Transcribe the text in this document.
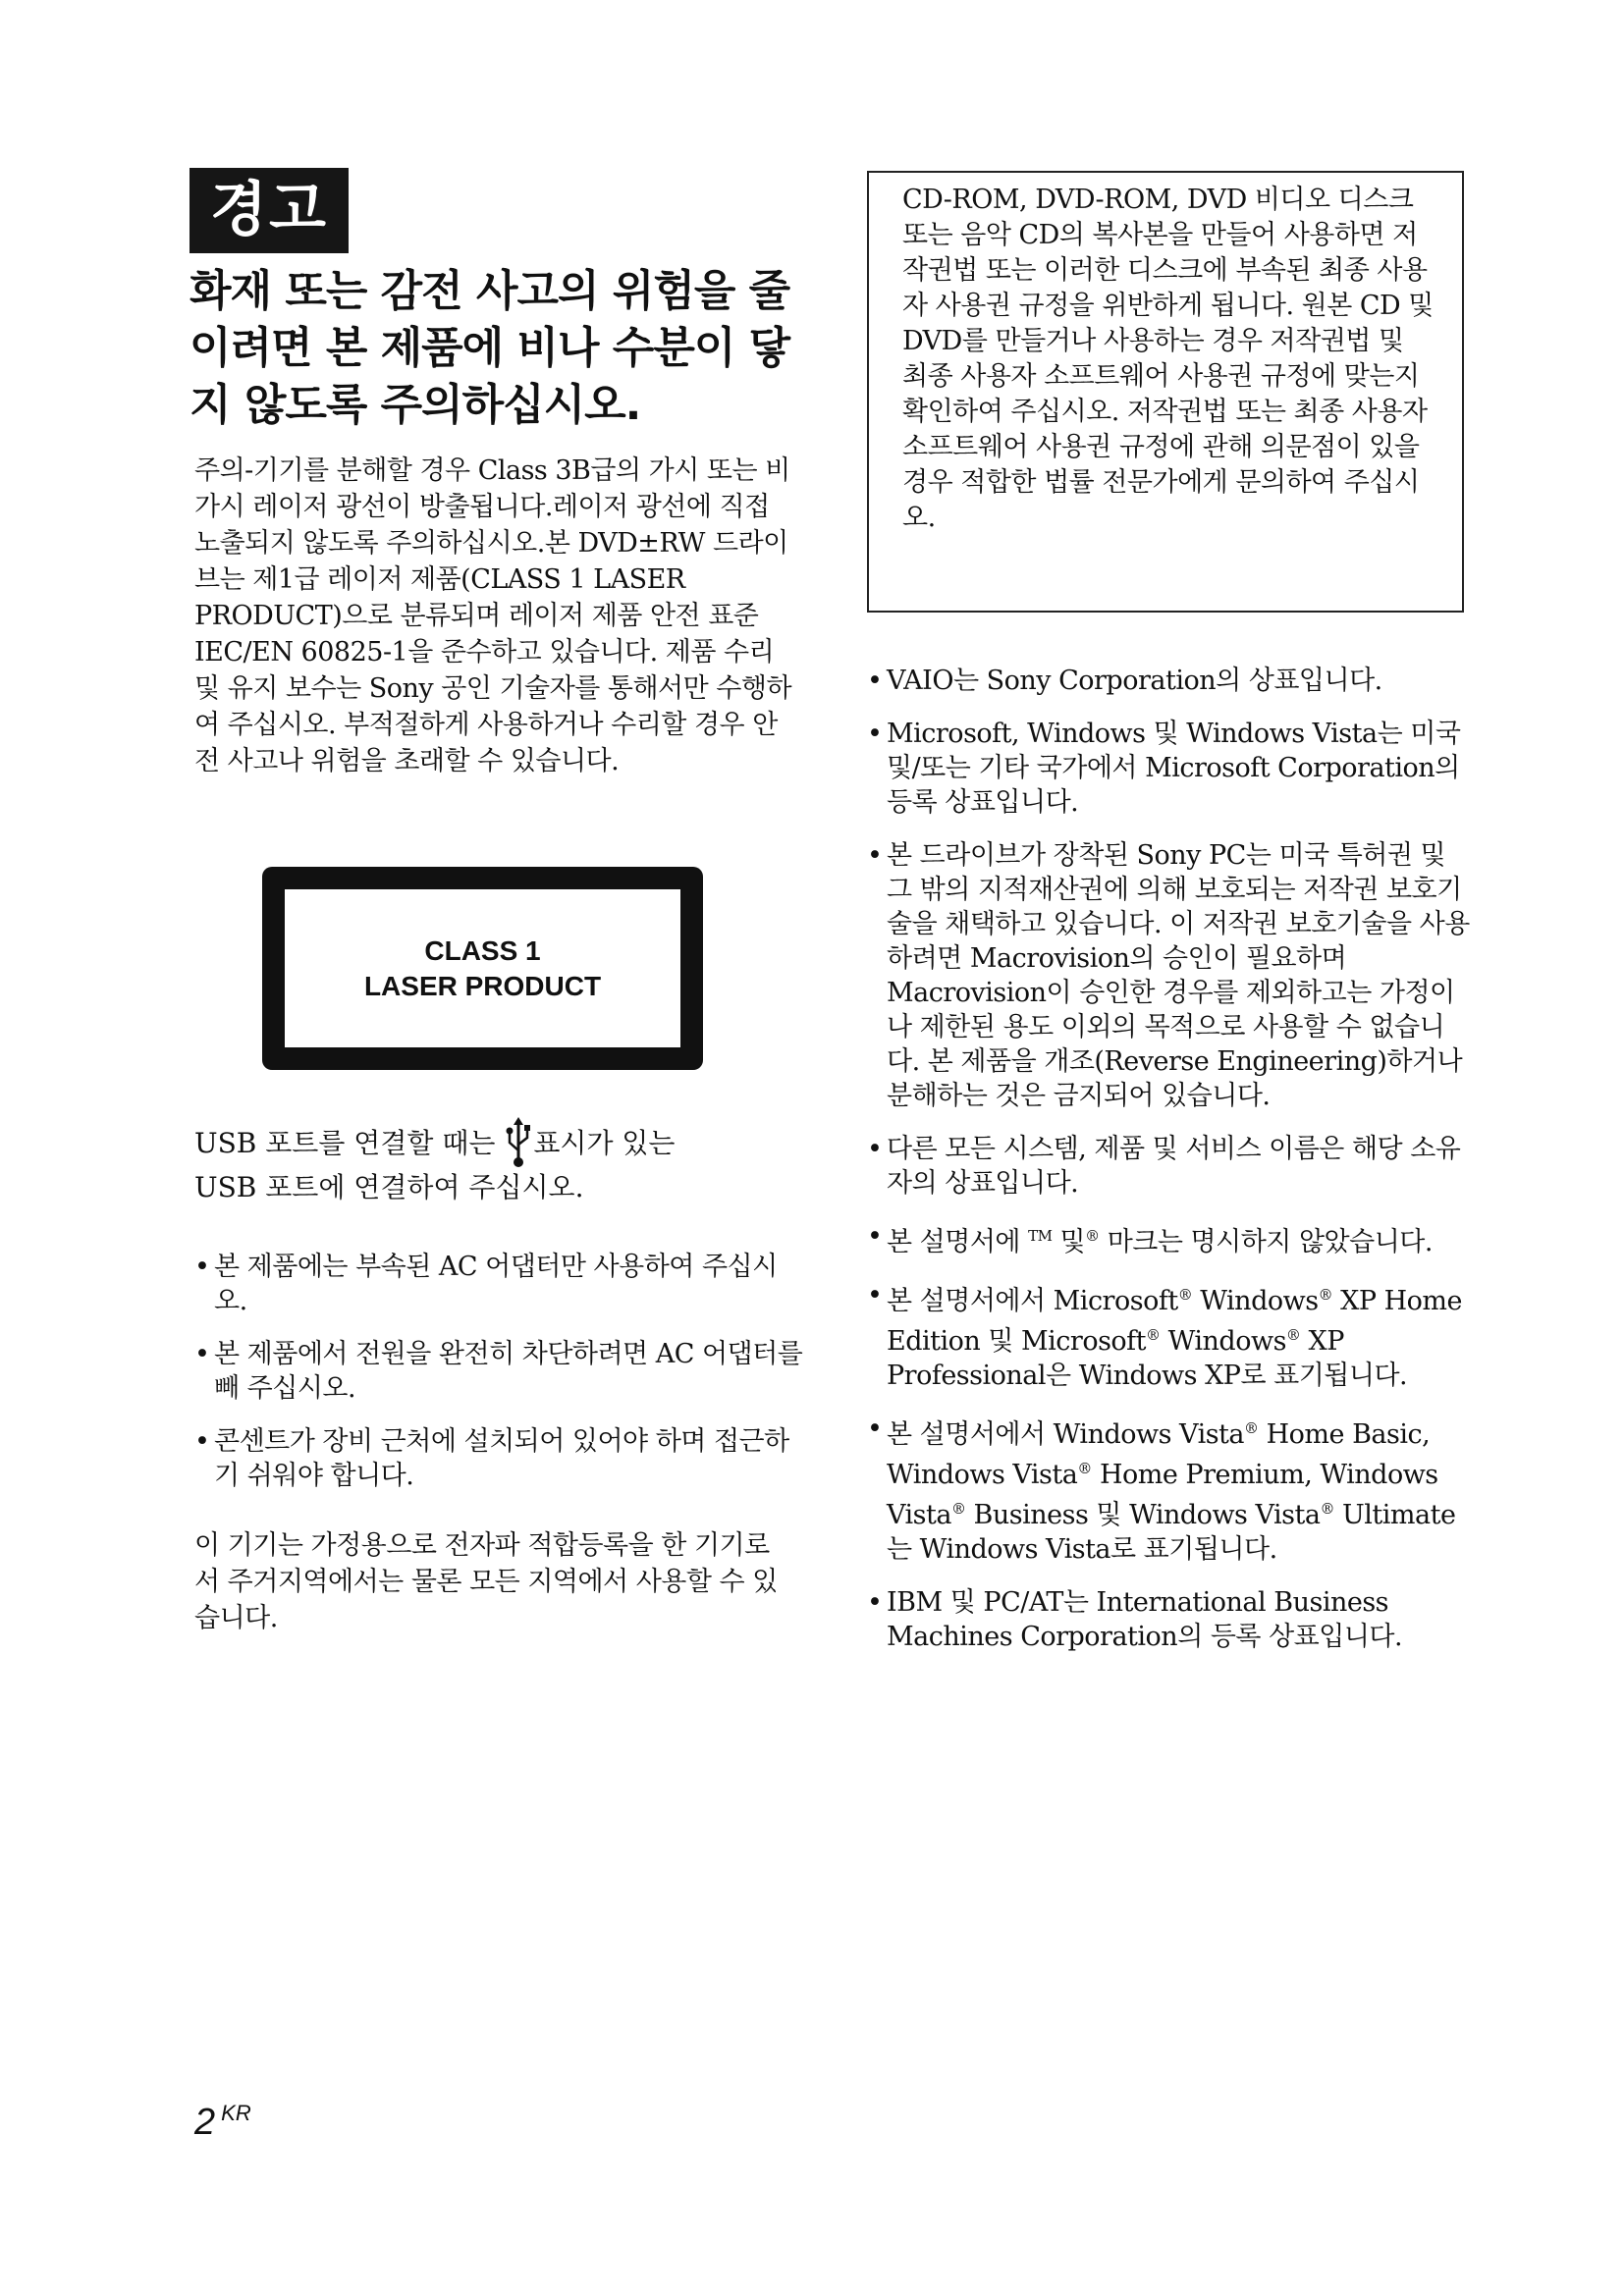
경고
화재 또는 감전 사고의 위험을 줄이려면 본 제품에 비나 수분이 닿지 않도록 주의하십시오.
주의-기기를 분해할 경우 Class 3B급의 가시 또는 비가시 레이저 광선이 방출됩니다.레이저 광선에 직접 노출되지 않도록 주의하십시오.본 DVD±RW 드라이브는 제1급 레이저 제품(CLASS 1 LASER PRODUCT)으로 분류되며 레이저 제품 안전 표준 IEC/EN 60825-1을 준수하고 있습니다. 제품 수리 및 유지 보수는 Sony 공인 기술자를 통해서만 수행하여 주십시오. 부적절하게 사용하거나 수리할 경우 안전 사고나 위험을 초래할 수 있습니다.
CLASS 1
LASER PRODUCT
USB 포트를 연결할 때는 표시가 있는
USB 포트에 연결하여 주십시오.
• 본 제품에는 부속된 AC 어댑터만 사용하여 주십시오.
• 본 제품에서 전원을 완전히 차단하려면 AC 어댑터를 빼 주십시오.
• 콘센트가 장비 근처에 설치되어 있어야 하며 접근하기 쉬워야 합니다.
이 기기는 가정용으로 전자파 적합등록을 한 기기로서 주거지역에서는 물론 모든 지역에서 사용할 수 있습니다.
CD-ROM, DVD-ROM, DVD 비디오 디스크 또는 음악 CD의 복사본을 만들어 사용하면 저작권법 또는 이러한 디스크에 부속된 최종 사용자 사용권 규정을 위반하게 됩니다. 원본 CD 및 DVD를 만들거나 사용하는 경우 저작권법 및 최종 사용자 소프트웨어 사용권 규정에 맞는지 확인하여 주십시오. 저작권법 또는 최종 사용자 소프트웨어 사용권 규정에 관해 의문점이 있을 경우 적합한 법률 전문가에게 문의하여 주십시오.
• VAIO는 Sony Corporation의 상표입니다.
• Microsoft, Windows 및 Windows Vista는 미국 및/또는 기타 국가에서 Microsoft Corporation의 등록 상표입니다.
• 본 드라이브가 장착된 Sony PC는 미국 특허권 및 그 밖의 지적재산권에 의해 보호되는 저작권 보호기술을 채택하고 있습니다. 이 저작권 보호기술을 사용하려면 Macrovision의 승인이 필요하며 Macrovision이 승인한 경우를 제외하고는 가정이나 제한된 용도 이외의 목적으로 사용할 수 없습니다. 본 제품을 개조(Reverse Engineering)하거나 분해하는 것은 금지되어 있습니다.
• 다른 모든 시스템, 제품 및 서비스 이름은 해당 소유자의 상표입니다.
• 본 설명서에 ™ 및® 마크는 명시하지 않았습니다.
• 본 설명서에서 Microsoft® Windows® XP Home Edition 및 Microsoft® Windows® XP Professional은 Windows XP로 표기됩니다.
• 본 설명서에서 Windows Vista® Home Basic, Windows Vista® Home Premium, Windows Vista® Business 및 Windows Vista® Ultimate는 Windows Vista로 표기됩니다.
• IBM 및 PC/AT는 International Business Machines Corporation의 등록 상표입니다.
2 $^{KR}$
